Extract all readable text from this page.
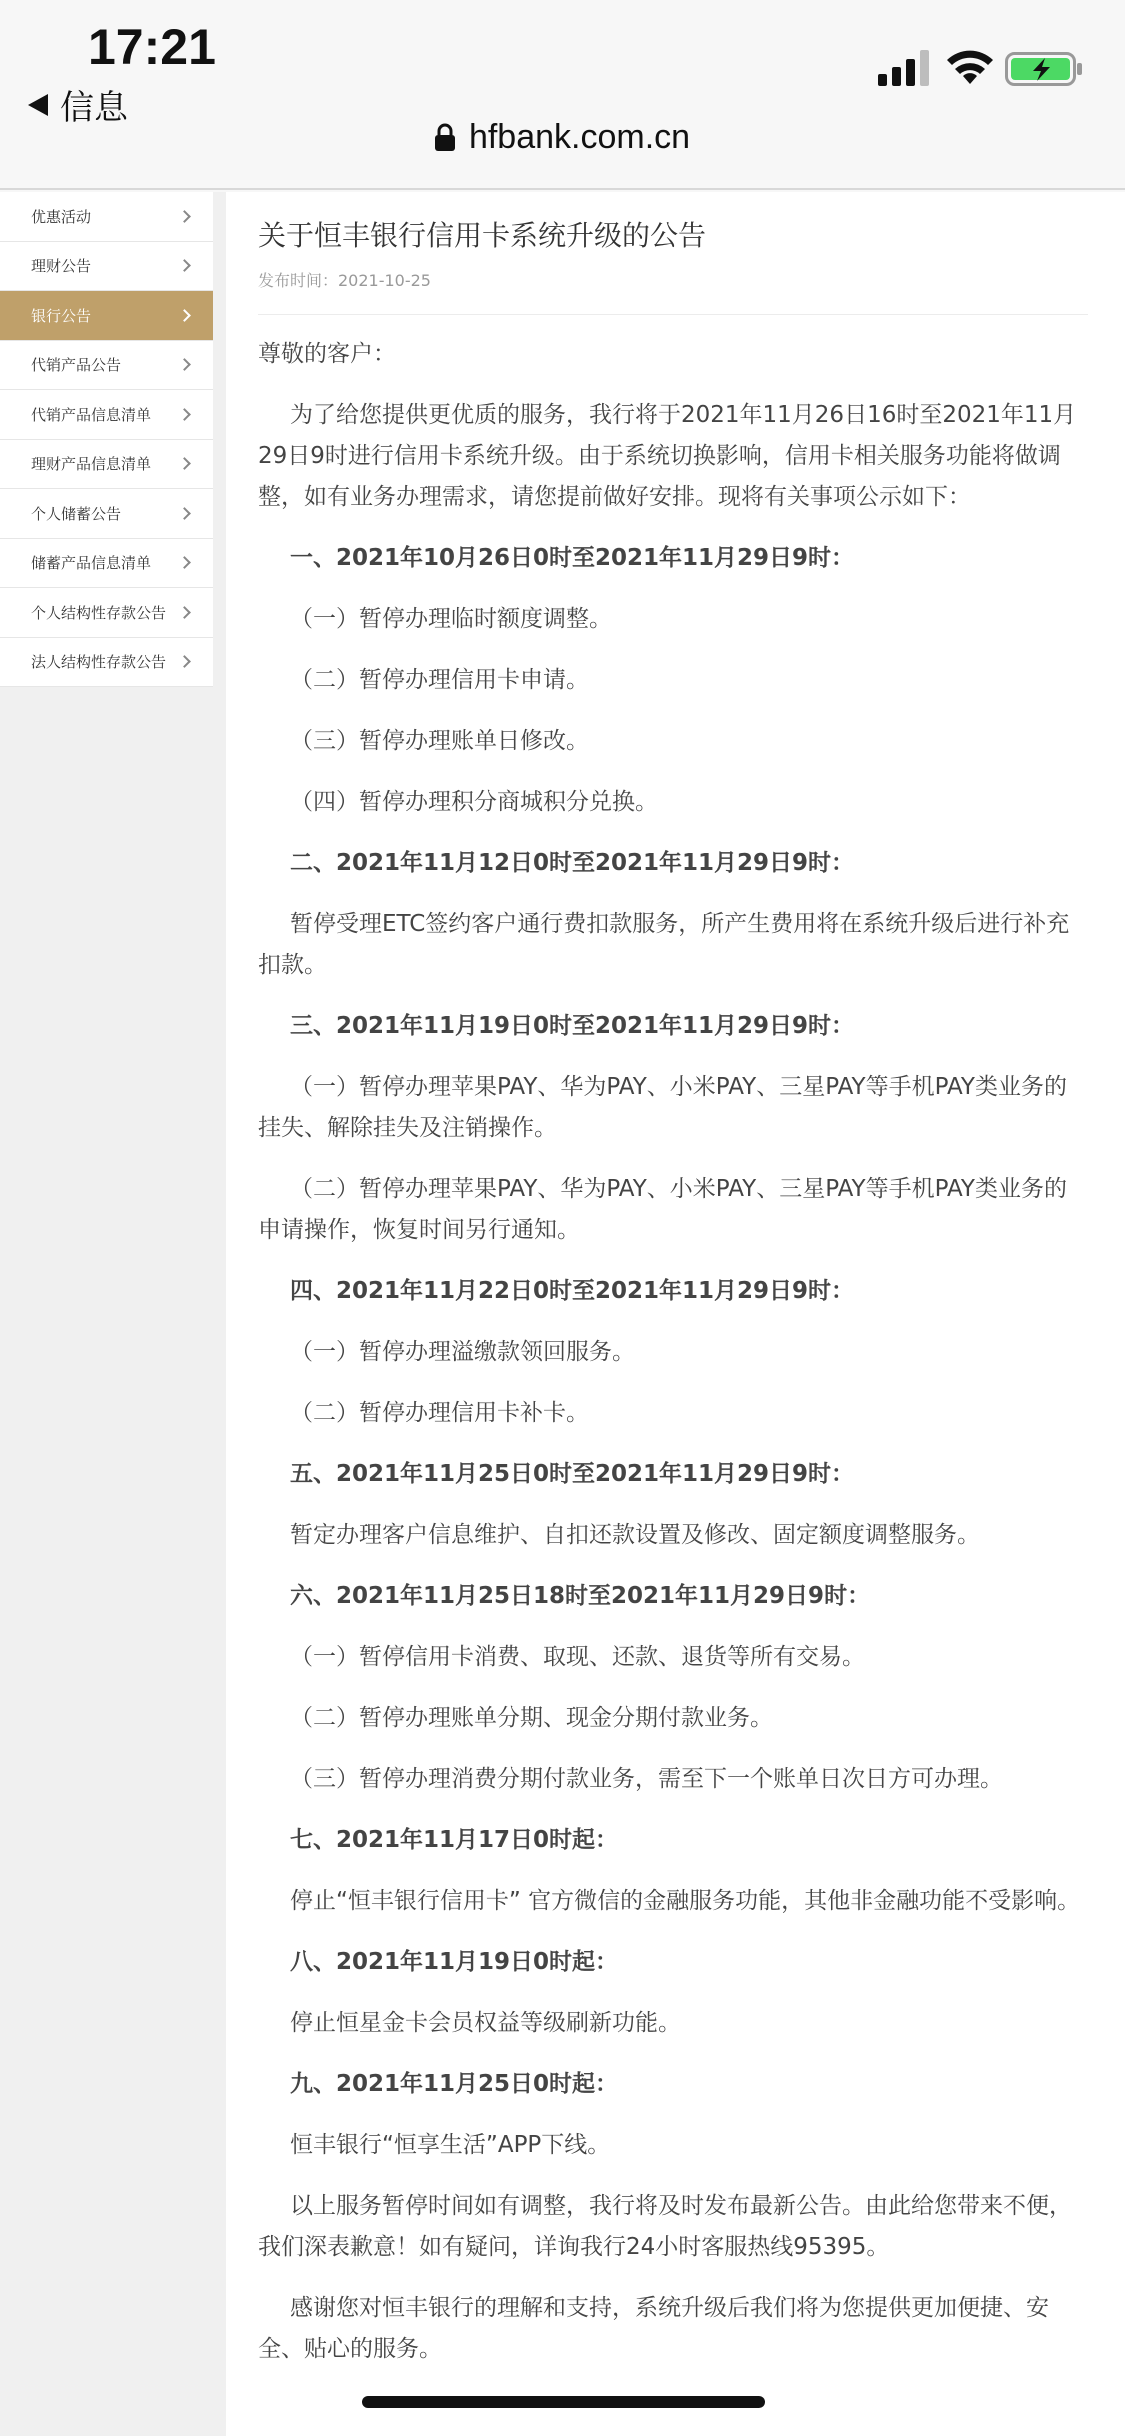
17:21
信息
hfbank.com.cn
优惠活动
理财公告
银行公告
代销产品公告
代销产品信息清单
理财产品信息清单
个人储蓄公告
储蓄产品信息清单
个人结构性存款公告
法人结构性存款公告
关于恒丰银行信用卡系统升级的公告
发布时间：2021-10-25

尊敬的客户：

为了给您提供更优质的服务，我行将于2021年11月26日16时至2021年11月29日9时进行信用卡系统升级。由于系统切换影响，信用卡相关服务功能将做调整，如有业务办理需求，请您提前做好安排。现将有关事项公示如下：

一、2021年10月26日0时至2021年11月29日9时：

（一）暂停办理临时额度调整。

（二）暂停办理信用卡申请。

（三）暂停办理账单日修改。

（四）暂停办理积分商城积分兑换。

二、2021年11月12日0时至2021年11月29日9时：

暂停受理ETC签约客户通行费扣款服务，所产生费用将在系统升级后进行补充扣款。

三、2021年11月19日0时至2021年11月29日9时：

（一）暂停办理苹果PAY、华为PAY、小米PAY、三星PAY等手机PAY类业务的挂失、解除挂失及注销操作。

（二）暂停办理苹果PAY、华为PAY、小米PAY、三星PAY等手机PAY类业务的申请操作，恢复时间另行通知。

四、2021年11月22日0时至2021年11月29日9时：

（一）暂停办理溢缴款领回服务。

（二）暂停办理信用卡补卡。

五、2021年11月25日0时至2021年11月29日9时：

暂定办理客户信息维护、自扣还款设置及修改、固定额度调整服务。

六、2021年11月25日18时至2021年11月29日9时：

（一）暂停信用卡消费、取现、还款、退货等所有交易。

（二）暂停办理账单分期、现金分期付款业务。

（三）暂停办理消费分期付款业务，需至下一个账单日次日方可办理。

七、2021年11月17日0时起：

停止“恒丰银行信用卡” 官方微信的金融服务功能，其他非金融功能不受影响。

八、2021年11月19日0时起：

停止恒星金卡会员权益等级刷新功能。

九、2021年11月25日0时起：

恒丰银行“恒享生活”APP下线。

以上服务暂停时间如有调整，我行将及时发布最新公告。由此给您带来不便，我们深表歉意！如有疑问，详询我行24小时客服热线95395。

感谢您对恒丰银行的理解和支持，系统升级后我们将为您提供更加便捷、安全、贴心的服务。
